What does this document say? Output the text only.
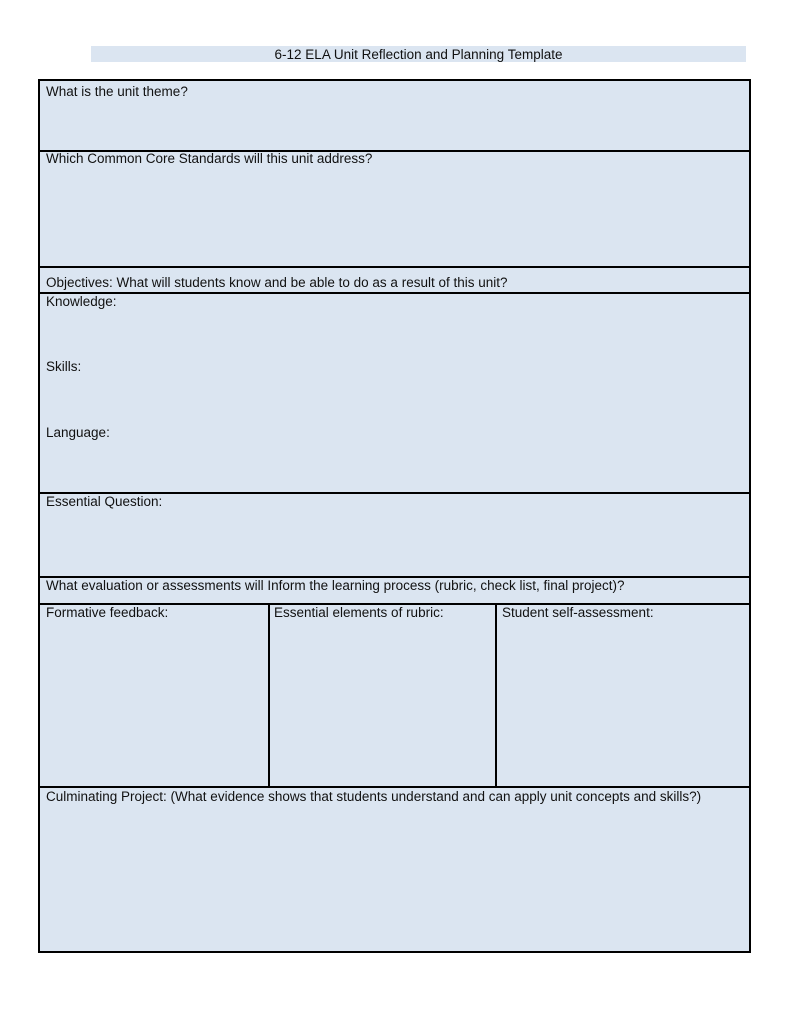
6-12 ELA Unit Reflection and Planning Template
What is the unit theme?
Which Common Core Standards will this unit address?
Objectives: What will students know and be able to do as a result of this unit?
Knowledge:
Skills:
Language:
Essential Question:
What evaluation or assessments will Inform the learning process (rubric, check list, final project)?
Formative feedback:	Essential elements of rubric:	Student self-assessment:
Culminating Project: (What evidence shows that students understand and can apply unit concepts and skills?)
